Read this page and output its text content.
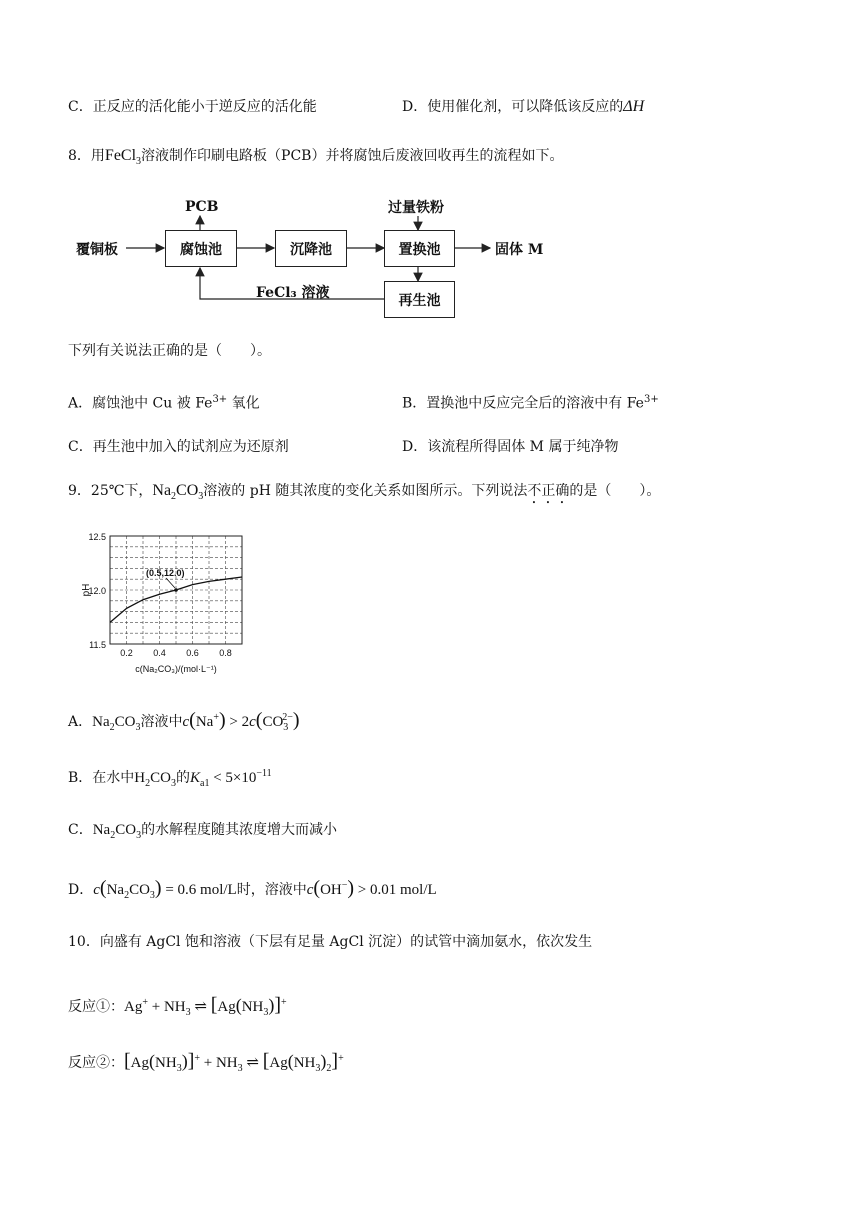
C．正反应的活化能小于逆反应的活化能	D．使用催化剂，可以降低该反应的ΔH
8．用FeCl$_3$溶液制作印刷电路板（PCB）并将腐蚀后废液回收再生的流程如下。
PCB	过量铁粉
覆铜板	腐蚀池	沉降池	置换池	固体 M
再生池
FeCl₃ 溶液
下列有关说法正确的是（　　）。
A．腐蚀池中 Cu 被 $Fe^{3+}$ 氧化	B．置换池中反应完全后的溶液中有 $Fe^{3+}$
C．再生池中加入的试剂应为还原剂	D．该流程所得固体 M 属于纯净物
9．25℃下，$Na_2CO_3$溶液的 pH 随其浓度的变化关系如图所示。下列说法不正确的是（　　）。
11.5
12.0
12.5
0.2 0.4 0.6 0.8
pH
c(Na₂CO₃)/(mol·L⁻¹)
(0.5,12.0)
A．$Na_2CO_3$溶液中$c(Na^+) > 2c(CO_3^{2-})$
B．在水中$H_2CO_3$的$K_{a1} < 5\times 10^{-11}$
C．$Na_2CO_3$的水解程度随其浓度增大而减小
D．$c(Na_2CO_3) = 0.6$ mol/L时，溶液中c(OH−) > 0.01 mol/L
10．向盛有 AgCl 饱和溶液（下层有足量 AgCl 沉淀）的试管中滴加氨水，依次发生
反应①：$Ag^+ + NH_3$ ⇌ $[Ag(NH_3)]^+$
反应②：$[Ag(NH_3)]^+ + NH_3$ ⇌ $[Ag(NH_3)_2]^+$
